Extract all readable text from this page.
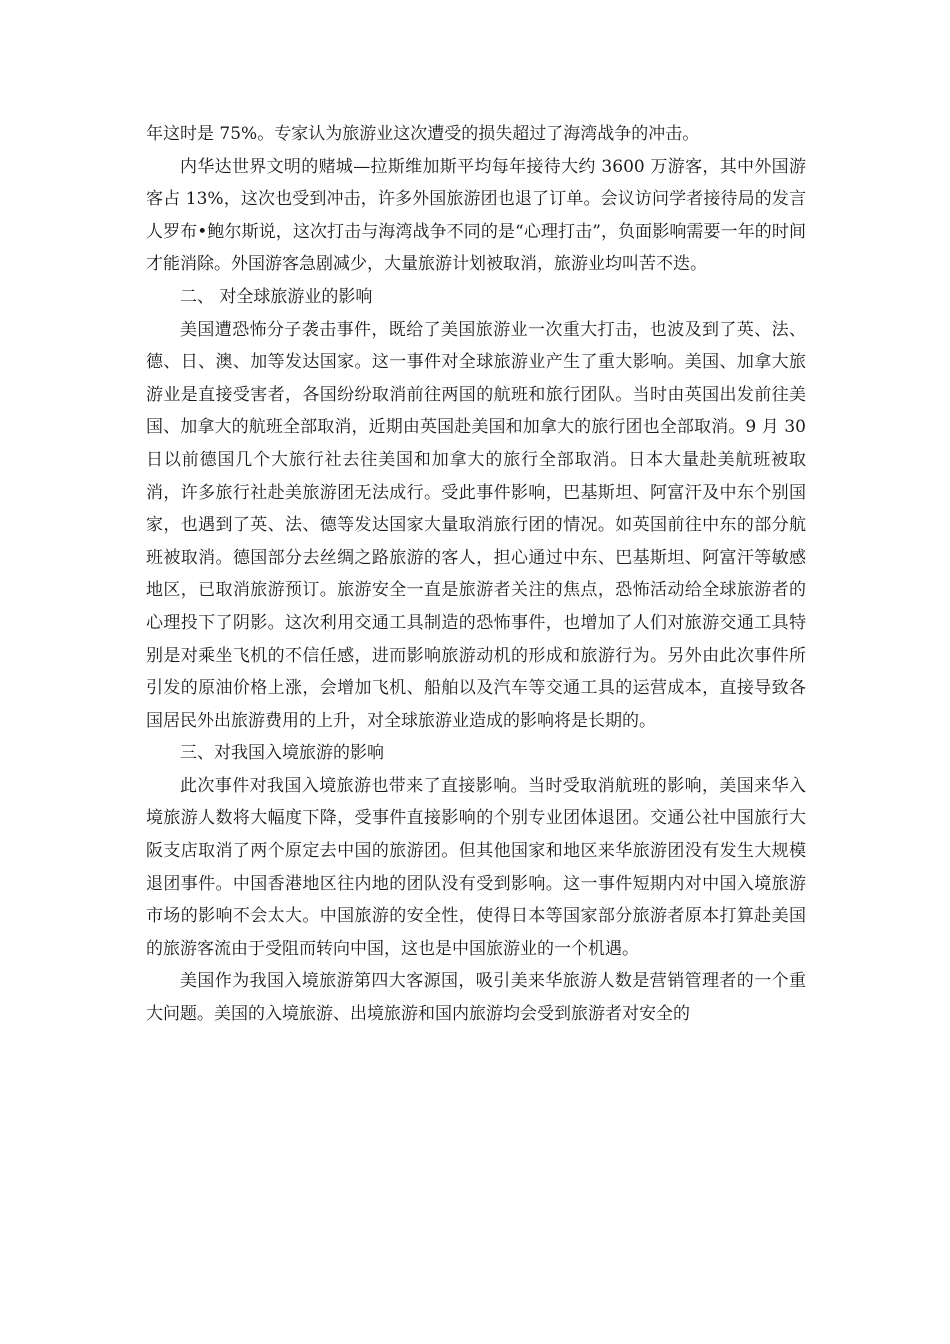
年这时是 75%。专家认为旅游业这次遭受的损失超过了海湾战争的冲击。

内华达世界文明的赌城—拉斯维加斯平均每年接待大约 3600 万游客，其中外国游客占 13%，这次也受到冲击，许多外国旅游团也退了订单。会议访问学者接待局的发言人罗布•鲍尔斯说，这次打击与海湾战争不同的是“心理打击”，负面影响需要一年的时间才能消除。外国游客急剧减少，大量旅游计划被取消，旅游业均叫苦不迭。

二、 对全球旅游业的影响

美国遭恐怖分子袭击事件，既给了美国旅游业一次重大打击，也波及到了英、法、德、日、澳、加等发达国家。这一事件对全球旅游业产生了重大影响。美国、加拿大旅游业是直接受害者，各国纷纷取消前往两国的航班和旅行团队。当时由英国出发前往美国、加拿大的航班全部取消，近期由英国赴美国和加拿大的旅行团也全部取消。9 月 30 日以前德国几个大旅行社去往美国和加拿大的旅行全部取消。日本大量赴美航班被取消，许多旅行社赴美旅游团无法成行。受此事件影响，巴基斯坦、阿富汗及中东个别国家，也遇到了英、法、德等发达国家大量取消旅行团的情况。如英国前往中东的部分航班被取消。德国部分去丝绸之路旅游的客人，担心通过中东、巴基斯坦、阿富汗等敏感地区，已取消旅游预订。旅游安全一直是旅游者关注的焦点，恐怖活动给全球旅游者的心理投下了阴影。这次利用交通工具制造的恐怖事件，也增加了人们对旅游交通工具特别是对乘坐飞机的不信任感，进而影响旅游动机的形成和旅游行为。另外由此次事件所引发的原油价格上涨，会增加飞机、船舶以及汽车等交通工具的运营成本，直接导致各国居民外出旅游费用的上升，对全球旅游业造成的影响将是长期的。

三、对我国入境旅游的影响

此次事件对我国入境旅游也带来了直接影响。当时受取消航班的影响，美国来华入境旅游人数将大幅度下降，受事件直接影响的个别专业团体退团。交通公社中国旅行大阪支店取消了两个原定去中国的旅游团。但其他国家和地区来华旅游团没有发生大规模退团事件。中国香港地区往内地的团队没有受到影响。这一事件短期内对中国入境旅游市场的影响不会太大。中国旅游的安全性，使得日本等国家部分旅游者原本打算赴美国的旅游客流由于受阻而转向中国，这也是中国旅游业的一个机遇。

美国作为我国入境旅游第四大客源国，吸引美来华旅游人数是营销管理者的一个重大问题。美国的入境旅游、出境旅游和国内旅游均会受到旅游者对安全的
